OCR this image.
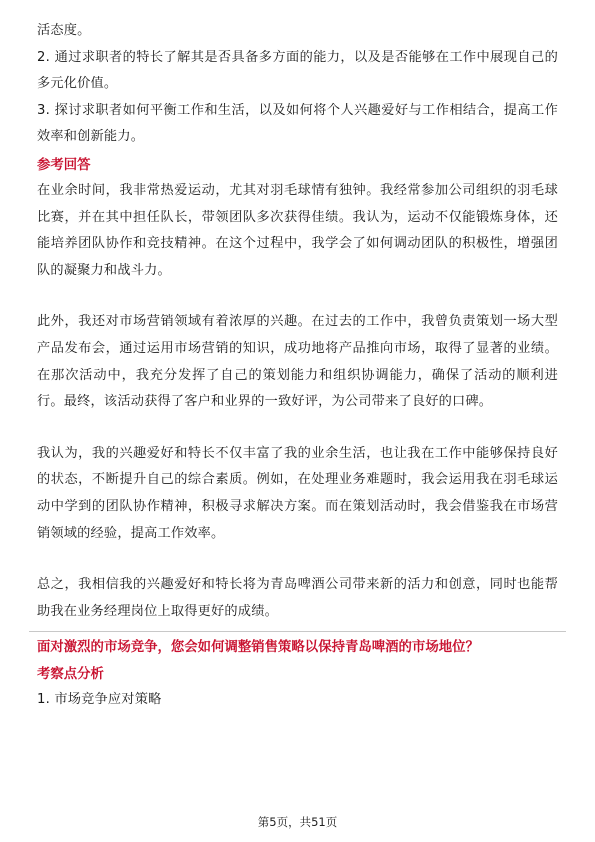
活态度。

2. 通过求职者的特长了解其是否具备多方面的能力，以及是否能够在工作中展现自己的多元化价值。

3. 探讨求职者如何平衡工作和生活，以及如何将个人兴趣爱好与工作相结合，提高工作效率和创新能力。

参考回答

在业余时间，我非常热爱运动，尤其对羽毛球情有独钟。我经常参加公司组织的羽毛球比赛，并在其中担任队长，带领团队多次获得佳绩。我认为，运动不仅能锻炼身体，还能培养团队协作和竞技精神。在这个过程中，我学会了如何调动团队的积极性，增强团队的凝聚力和战斗力。

此外，我还对市场营销领域有着浓厚的兴趣。在过去的工作中，我曾负责策划一场大型产品发布会，通过运用市场营销的知识，成功地将产品推向市场，取得了显著的业绩。在那次活动中，我充分发挥了自己的策划能力和组织协调能力，确保了活动的顺利进行。最终，该活动获得了客户和业界的一致好评，为公司带来了良好的口碑。

我认为，我的兴趣爱好和特长不仅丰富了我的业余生活，也让我在工作中能够保持良好的状态，不断提升自己的综合素质。例如，在处理业务难题时，我会运用我在羽毛球运动中学到的团队协作精神，积极寻求解决方案。而在策划活动时，我会借鉴我在市场营销领域的经验，提高工作效率。

总之，我相信我的兴趣爱好和特长将为青岛啤酒公司带来新的活力和创意，同时也能帮助我在业务经理岗位上取得更好的成绩。

面对激烈的市场竞争，您会如何调整销售策略以保持青岛啤酒的市场地位？
考察点分析

1. 市场竞争应对策略

第5页，共51页
